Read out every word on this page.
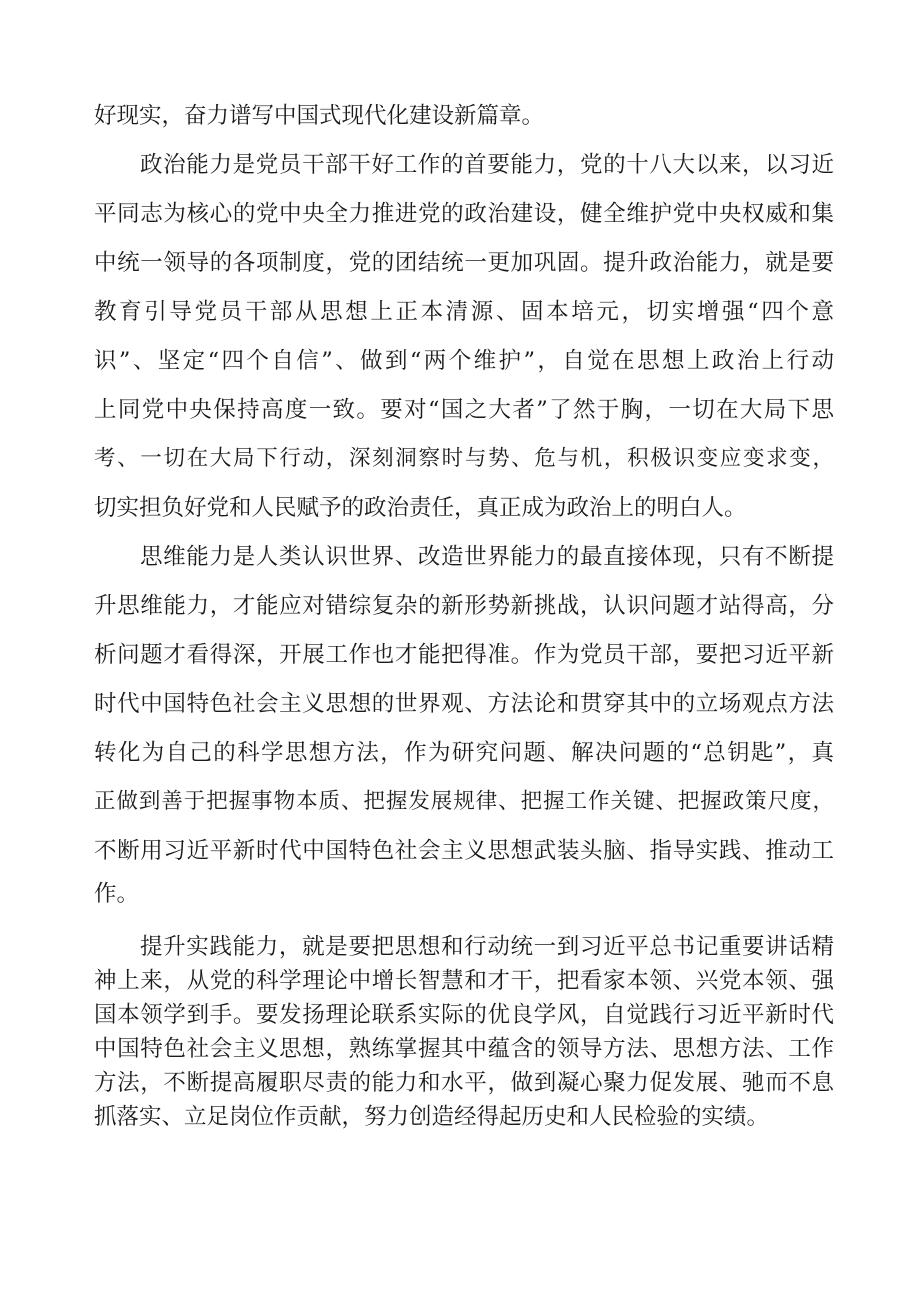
好现实，奋力谱写中国式现代化建设新篇章。
政治能力是党员干部干好工作的首要能力，党的十八大以来，以习近
平同志为核心的党中央全力推进党的政治建设，健全维护党中央权威和集
中统一领导的各项制度，党的团结统一更加巩固。提升政治能力，就是要
教育引导党员干部从思想上正本清源、固本培元，切实增强“四个意
识”、坚定“四个自信”、做到“两个维护”，自觉在思想上政治上行动
上同党中央保持高度一致。要对“国之大者”了然于胸，一切在大局下思
考、一切在大局下行动，深刻洞察时与势、危与机，积极识变应变求变，
切实担负好党和人民赋予的政治责任，真正成为政治上的明白人。
思维能力是人类认识世界、改造世界能力的最直接体现，只有不断提
升思维能力，才能应对错综复杂的新形势新挑战，认识问题才站得高，分
析问题才看得深，开展工作也才能把得准。作为党员干部，要把习近平新
时代中国特色社会主义思想的世界观、方法论和贯穿其中的立场观点方法
转化为自己的科学思想方法，作为研究问题、解决问题的“总钥匙”，真
正做到善于把握事物本质、把握发展规律、把握工作关键、把握政策尺度，
不断用习近平新时代中国特色社会主义思想武装头脑、指导实践、推动工
作。
提升实践能力，就是要把思想和行动统一到习近平总书记重要讲话精
神上来，从党的科学理论中增长智慧和才干，把看家本领、兴党本领、强
国本领学到手。要发扬理论联系实际的优良学风，自觉践行习近平新时代
中国特色社会主义思想，熟练掌握其中蕴含的领导方法、思想方法、工作
方法，不断提高履职尽责的能力和水平，做到凝心聚力促发展、驰而不息
抓落实、立足岗位作贡献，努力创造经得起历史和人民检验的实绩。
